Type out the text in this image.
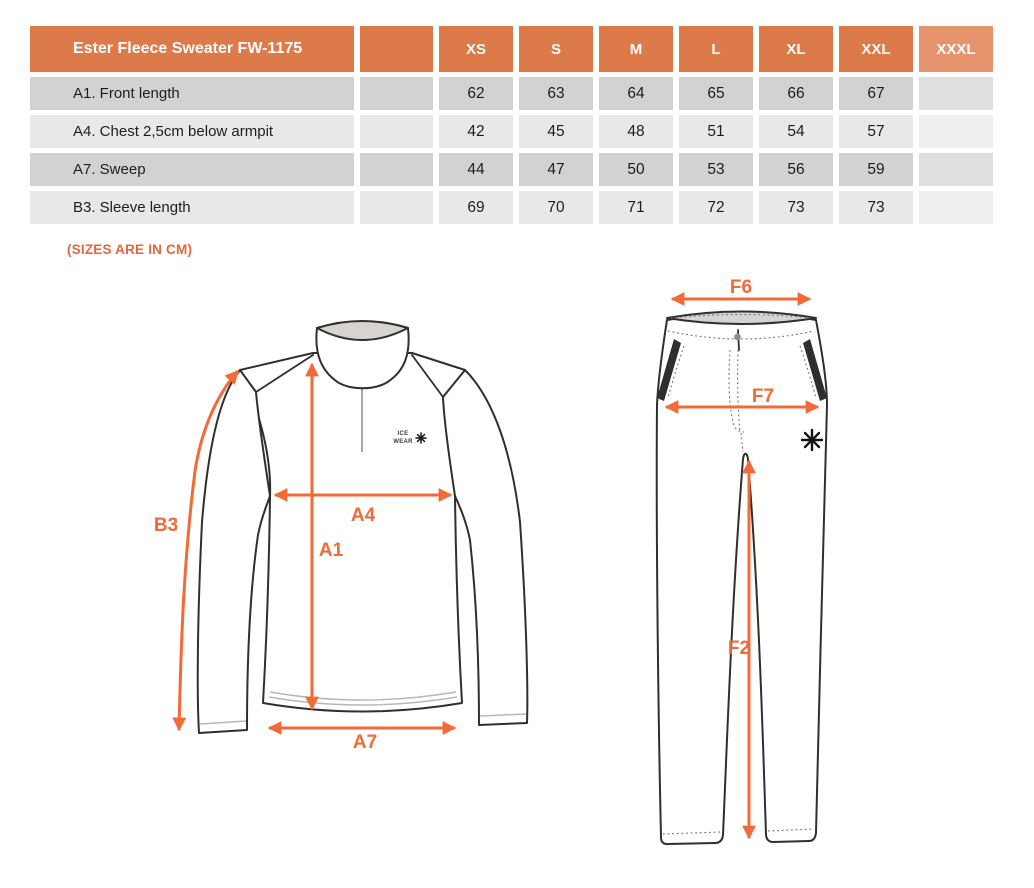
Ester Fleece Sweater FW-1175		XS	S	M	L	XL	XXL	XXXL
A1. Front length		62	63	64	65	66	67	
A4. Chest 2,5cm below armpit		42	45	48	51	54	57	
A7. Sweep		44	47	50	53	56	59	
B3. Sleeve length		69	70	71	72	73	73	
(SIZES ARE IN CM)
ICE
WEAR
B3
A1
A4
A7
F6
F7
F2
